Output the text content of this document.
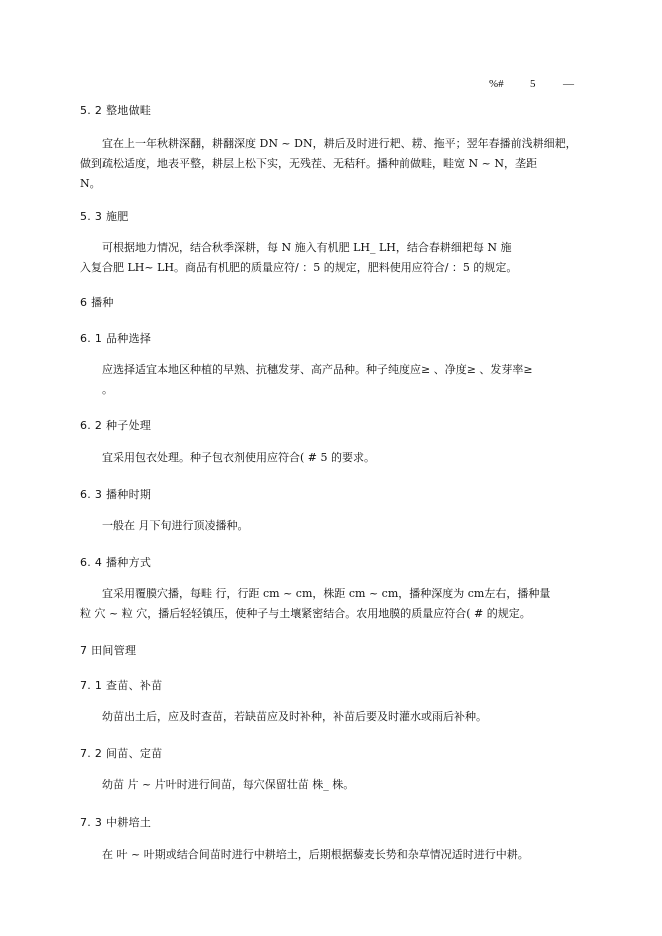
%# 5	—
5. 2 整地做畦
宜在上一年秋耕深翻，耕翻深度 DN ~ DN，耕后及时进行耙、耢、拖平；翌年春播前浅耕细耙，
做到疏松适度，地表平整，耕层上松下实，无残茬、无秸秆。播种前做畦，畦宽 N ~ N，垄距
N。
5. 3 施肥
可根据地力情况，结合秋季深耕，每 N 施入有机肥 LH_ LH，结合春耕细耙每 N 施
入复合肥 LH~ LH。商品有机肥的质量应符/ ：5 的规定，肥料使用应符合/ ：5 的规定。
6 播种
6. 1 品种选择
应选择适宜本地区种植的早熟、抗穗发芽、高产品种。种子纯度应≥ 、净度≥ 、发芽率≥
。
6. 2 种子处理
宜采用包衣处理。种子包衣剂使用应符合( # 5 的要求。
6. 3 播种时期
一般在 月下旬进行顶凌播种。
6. 4 播种方式
宜采用覆膜穴播，每畦 行，行距 cm ~ cm，株距 cm ~ cm，播种深度为 cm左右，播种量
粒 穴 ~ 粒 穴，播后轻轻镇压，使种子与土壤紧密结合。农用地膜的质量应符合( # 的规定。
7 田间管理
7. 1 查苗、补苗
幼苗出土后，应及时查苗，若缺苗应及时补种，补苗后要及时灌水或雨后补种。
7. 2 间苗、定苗
幼苗 片 ~ 片叶时进行间苗，每穴保留壮苗 株_ 株。
7. 3 中耕培土
在 叶 ~ 叶期或结合间苗时进行中耕培土，后期根据藜麦长势和杂草情况适时进行中耕。
